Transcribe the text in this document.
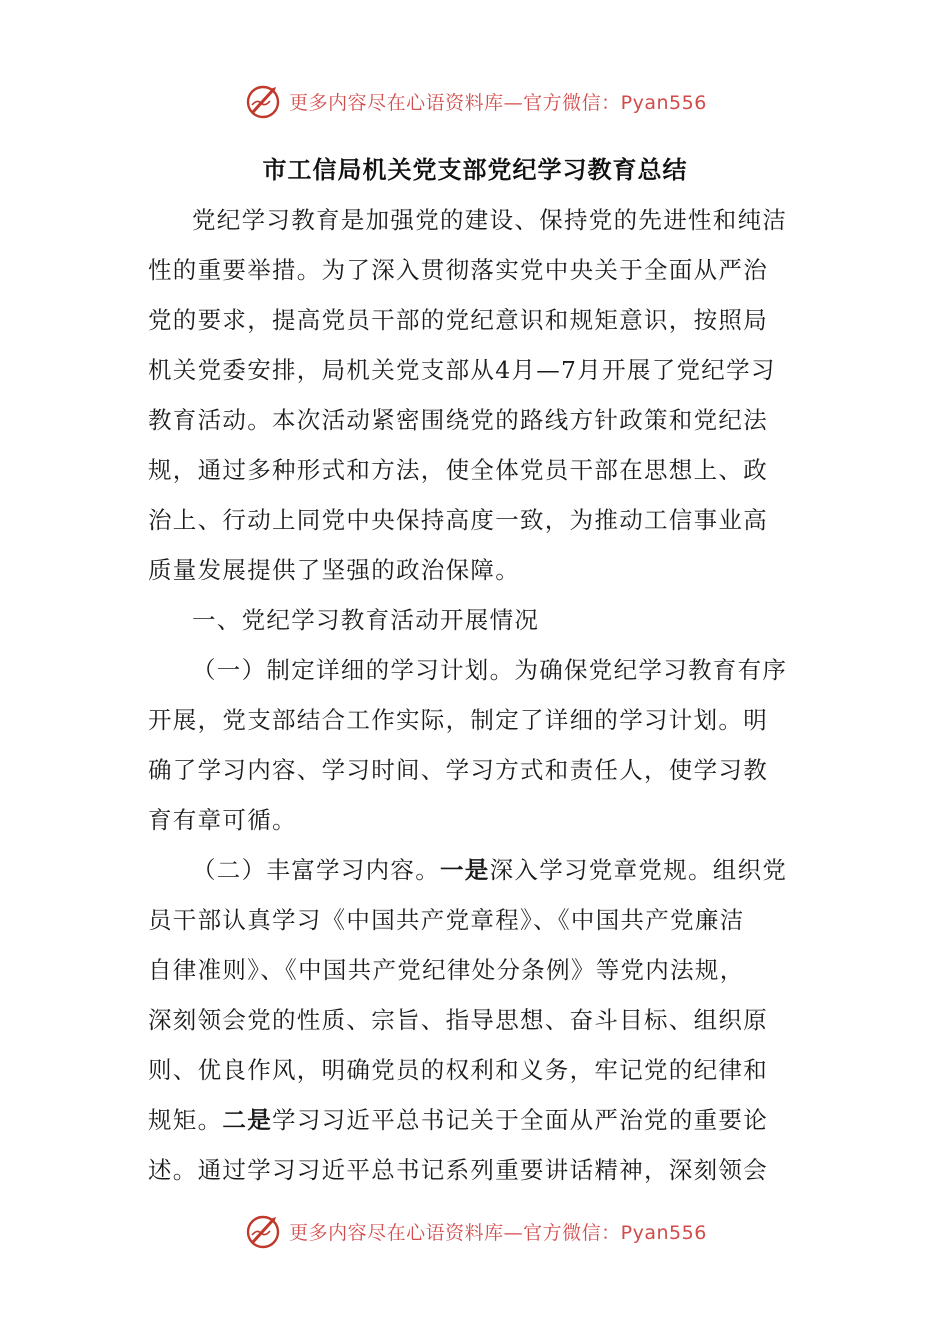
更多内容尽在心语资料库—官方微信：Pyan556
市工信局机关党支部党纪学习教育总结
党纪学习教育是加强党的建设、保持党的先进性和纯洁
性的重要举措。为了深入贯彻落实党中央关于全面从严治
党的要求，提高党员干部的党纪意识和规矩意识，按照局
机关党委安排，局机关党支部从4月—7月开展了党纪学习
教育活动。本次活动紧密围绕党的路线方针政策和党纪法
规，通过多种形式和方法，使全体党员干部在思想上、政
治上、行动上同党中央保持高度一致，为推动工信事业高
质量发展提供了坚强的政治保障。
一、党纪学习教育活动开展情况
（一）制定详细的学习计划。为确保党纪学习教育有序
开展，党支部结合工作实际，制定了详细的学习计划。明
确了学习内容、学习时间、学习方式和责任人，使学习教
育有章可循。
（二）丰富学习内容。一是深入学习党章党规。组织党
员干部认真学习《中国共产党章程》、《中国共产党廉洁
自律准则》、《中国共产党纪律处分条例》等党内法规，
深刻领会党的性质、宗旨、指导思想、奋斗目标、组织原
则、优良作风，明确党员的权利和义务，牢记党的纪律和
规矩。二是学习习近平总书记关于全面从严治党的重要论
述。通过学习习近平总书记系列重要讲话精神，深刻领会
更多内容尽在心语资料库—官方微信：Pyan556
